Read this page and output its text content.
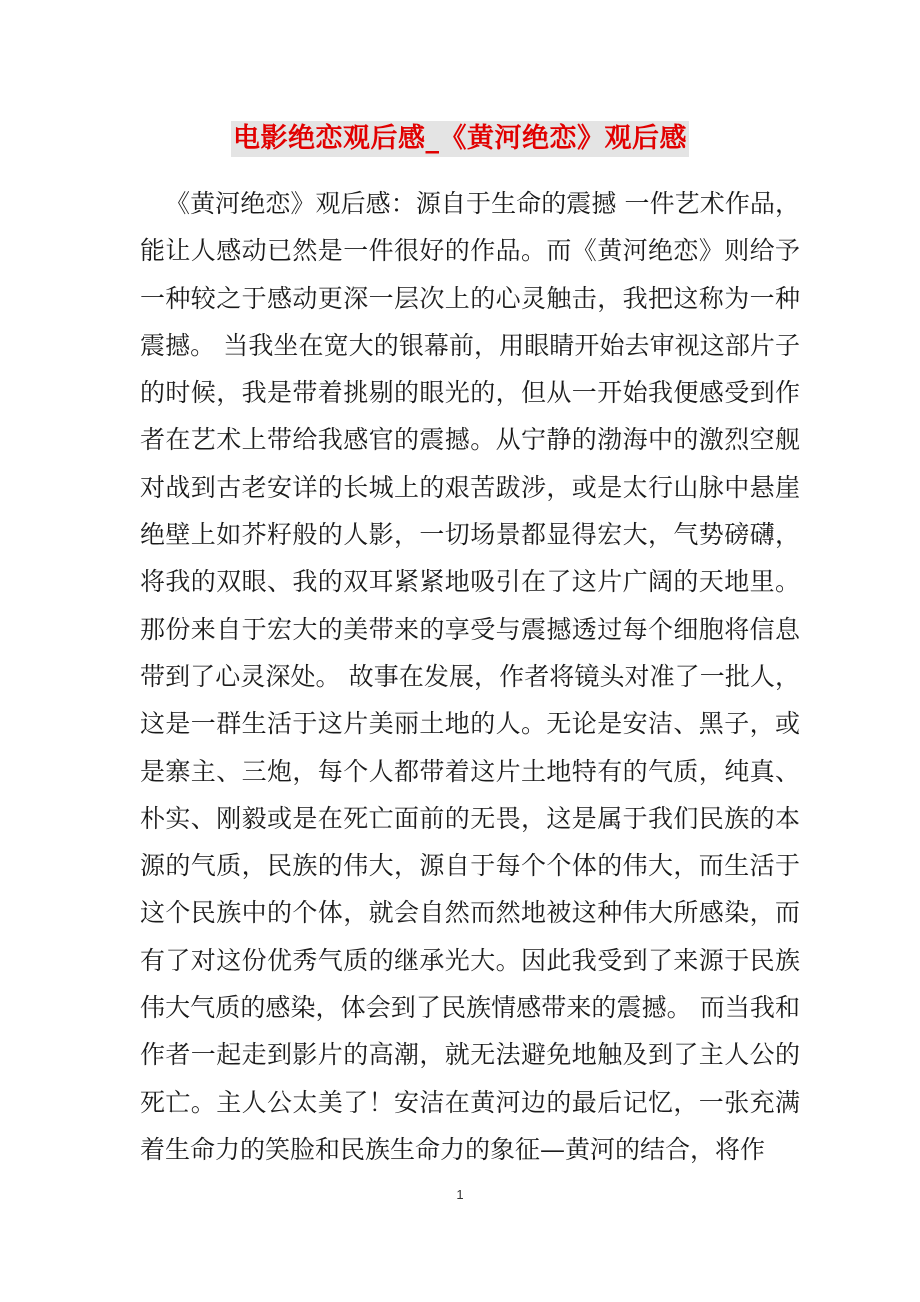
电影绝恋观后感_《黄河绝恋》观后感

《黄河绝恋》观后感：源自于生命的震撼 一件艺术作品，能让人感动已然是一件很好的作品。而《黄河绝恋》则给予一种较之于感动更深一层次上的心灵触击，我把这称为一种震撼。 当我坐在宽大的银幕前，用眼睛开始去审视这部片子的时候，我是带着挑剔的眼光的，但从一开始我便感受到作者在艺术上带给我感官的震撼。从宁静的渤海中的激烈空舰对战到古老安详的长城上的艰苦跋涉，或是太行山脉中悬崖绝壁上如芥籽般的人影，一切场景都显得宏大，气势磅礴，将我的双眼、我的双耳紧紧地吸引在了这片广阔的天地里。那份来自于宏大的美带来的享受与震撼透过每个细胞将信息带到了心灵深处。 故事在发展，作者将镜头对准了一批人，这是一群生活于这片美丽土地的人。无论是安洁、黑子，或是寨主、三炮，每个人都带着这片土地特有的气质，纯真、朴实、刚毅或是在死亡面前的无畏，这是属于我们民族的本源的气质，民族的伟大，源自于每个个体的伟大，而生活于这个民族中的个体，就会自然而然地被这种伟大所感染，而有了对这份优秀气质的继承光大。因此我受到了来源于民族伟大气质的感染，体会到了民族情感带来的震撼。 而当我和作者一起走到影片的高潮，就无法避免地触及到了主人公的死亡。主人公太美了！安洁在黄河边的最后记忆，一张充满着生命力的笑脸和民族生命力的象征—黄河的结合，将作

1
